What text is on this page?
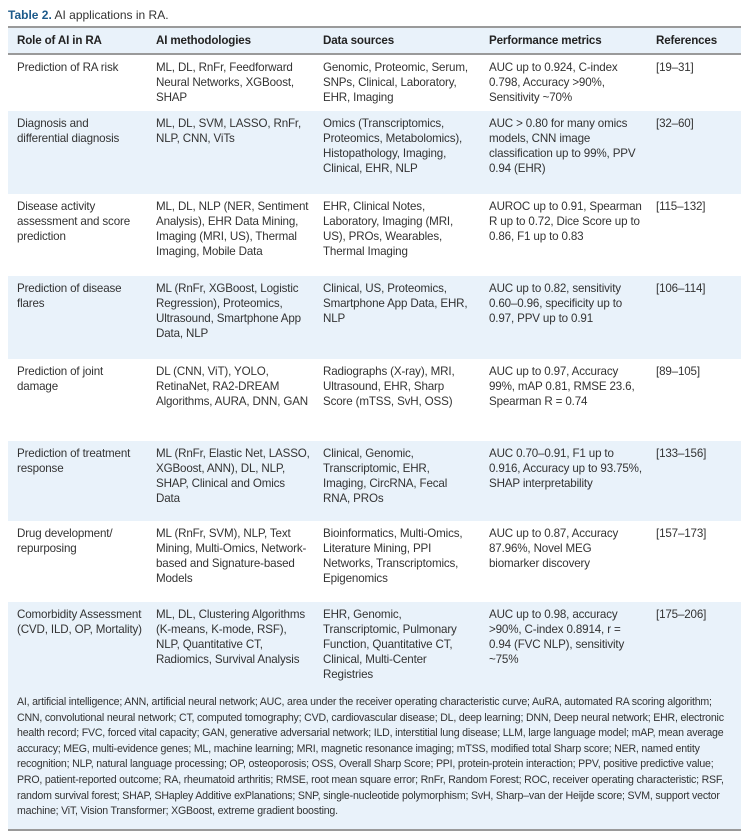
Table 2. AI applications in RA.
Role of AI in RA	AI methodologies	Data sources	Performance metrics	References
Prediction of RA risk	ML, DL, RnFr, Feedforward Neural Networks, XGBoost, SHAP	Genomic, Proteomic, Serum, SNPs, Clinical, Laboratory, EHR, Imaging	AUC up to 0.924, C-index 0.798, Accuracy >90%, Sensitivity ~70%	[19–31]
Diagnosis and differential diagnosis	ML, DL, SVM, LASSO, RnFr, NLP, CNN, ViTs	Omics (Transcriptomics, Proteomics, Metabolomics), Histopathology, Imaging, Clinical, EHR, NLP	AUC > 0.80 for many omics models, CNN image classification up to 99%, PPV 0.94 (EHR)	[32–60]
Disease activity assessment and score prediction	ML, DL, NLP (NER, Sentiment Analysis), EHR Data Mining, Imaging (MRI, US), Thermal Imaging, Mobile Data	EHR, Clinical Notes, Laboratory, Imaging (MRI, US), PROs, Wearables, Thermal Imaging	AUROC up to 0.91, Spearman R up to 0.72, Dice Score up to 0.86, F1 up to 0.83	[115–132]
Prediction of disease flares	ML (RnFr, XGBoost, Logistic Regression), Proteomics, Ultrasound, Smartphone App Data, NLP	Clinical, US, Proteomics, Smartphone App Data, EHR, NLP	AUC up to 0.82, sensitivity 0.60–0.96, specificity up to 0.97, PPV up to 0.91	[106–114]
Prediction of joint damage	DL (CNN, ViT), YOLO, RetinaNet, RA2-DREAM Algorithms, AURA, DNN, GAN	Radiographs (X-ray), MRI, Ultrasound, EHR, Sharp Score (mTSS, SvH, OSS)	AUC up to 0.97, Accuracy 99%, mAP 0.81, RMSE 23.6, Spearman R = 0.74	[89–105]
Prediction of treatment response	ML (RnFr, Elastic Net, LASSO, XGBoost, ANN), DL, NLP, SHAP, Clinical and Omics Data	Clinical, Genomic, Transcriptomic, EHR, Imaging, CircRNA, Fecal RNA, PROs	AUC 0.70–0.91, F1 up to 0.916, Accuracy up to 93.75%, SHAP interpretability	[133–156]
Drug development/ repurposing	ML (RnFr, SVM), NLP, Text Mining, Multi-Omics, Network-based and Signature-based Models	Bioinformatics, Multi-Omics, Literature Mining, PPI Networks, Transcriptomics, Epigenomics	AUC up to 0.87, Accuracy 87.96%, Novel MEG biomarker discovery	[157–173]
Comorbidity Assessment (CVD, ILD, OP, Mortality)	ML, DL, Clustering Algorithms (K-means, K-mode, RSF), NLP, Quantitative CT, Radiomics, Survival Analysis	EHR, Genomic, Transcriptomic, Pulmonary Function, Quantitative CT, Clinical, Multi-Center Registries	AUC up to 0.98, accuracy >90%, C-index 0.8914, r = 0.94 (FVC NLP), sensitivity ~75%	[175–206]
AI, artificial intelligence; ANN, artificial neural network; AUC, area under the receiver operating characteristic curve; AuRA, automated RA scoring algorithm; CNN, convolutional neural network; CT, computed tomography; CVD, cardiovascular disease; DL, deep learning; DNN, Deep neural network; EHR, electronic health record; FVC, forced vital capacity; GAN, generative adversarial network; ILD, interstitial lung disease; LLM, large language model; mAP, mean average accuracy; MEG, multi-evidence genes; ML, machine learning; MRI, magnetic resonance imaging; mTSS, modified total Sharp score; NER, named entity recognition; NLP, natural language processing; OP, osteoporosis; OSS, Overall Sharp Score; PPI, protein-protein interaction; PPV, positive predictive value; PRO, patient-reported outcome; RA, rheumatoid arthritis; RMSE, root mean square error; RnFr, Random Forest; ROC, receiver operating characteristic; RSF, random survival forest; SHAP, SHapley Additive exPlanations; SNP, single-nucleotide polymorphism; SvH, Sharp–van der Heijde score; SVM, support vector machine; ViT, Vision Transformer; XGBoost, extreme gradient boosting.
